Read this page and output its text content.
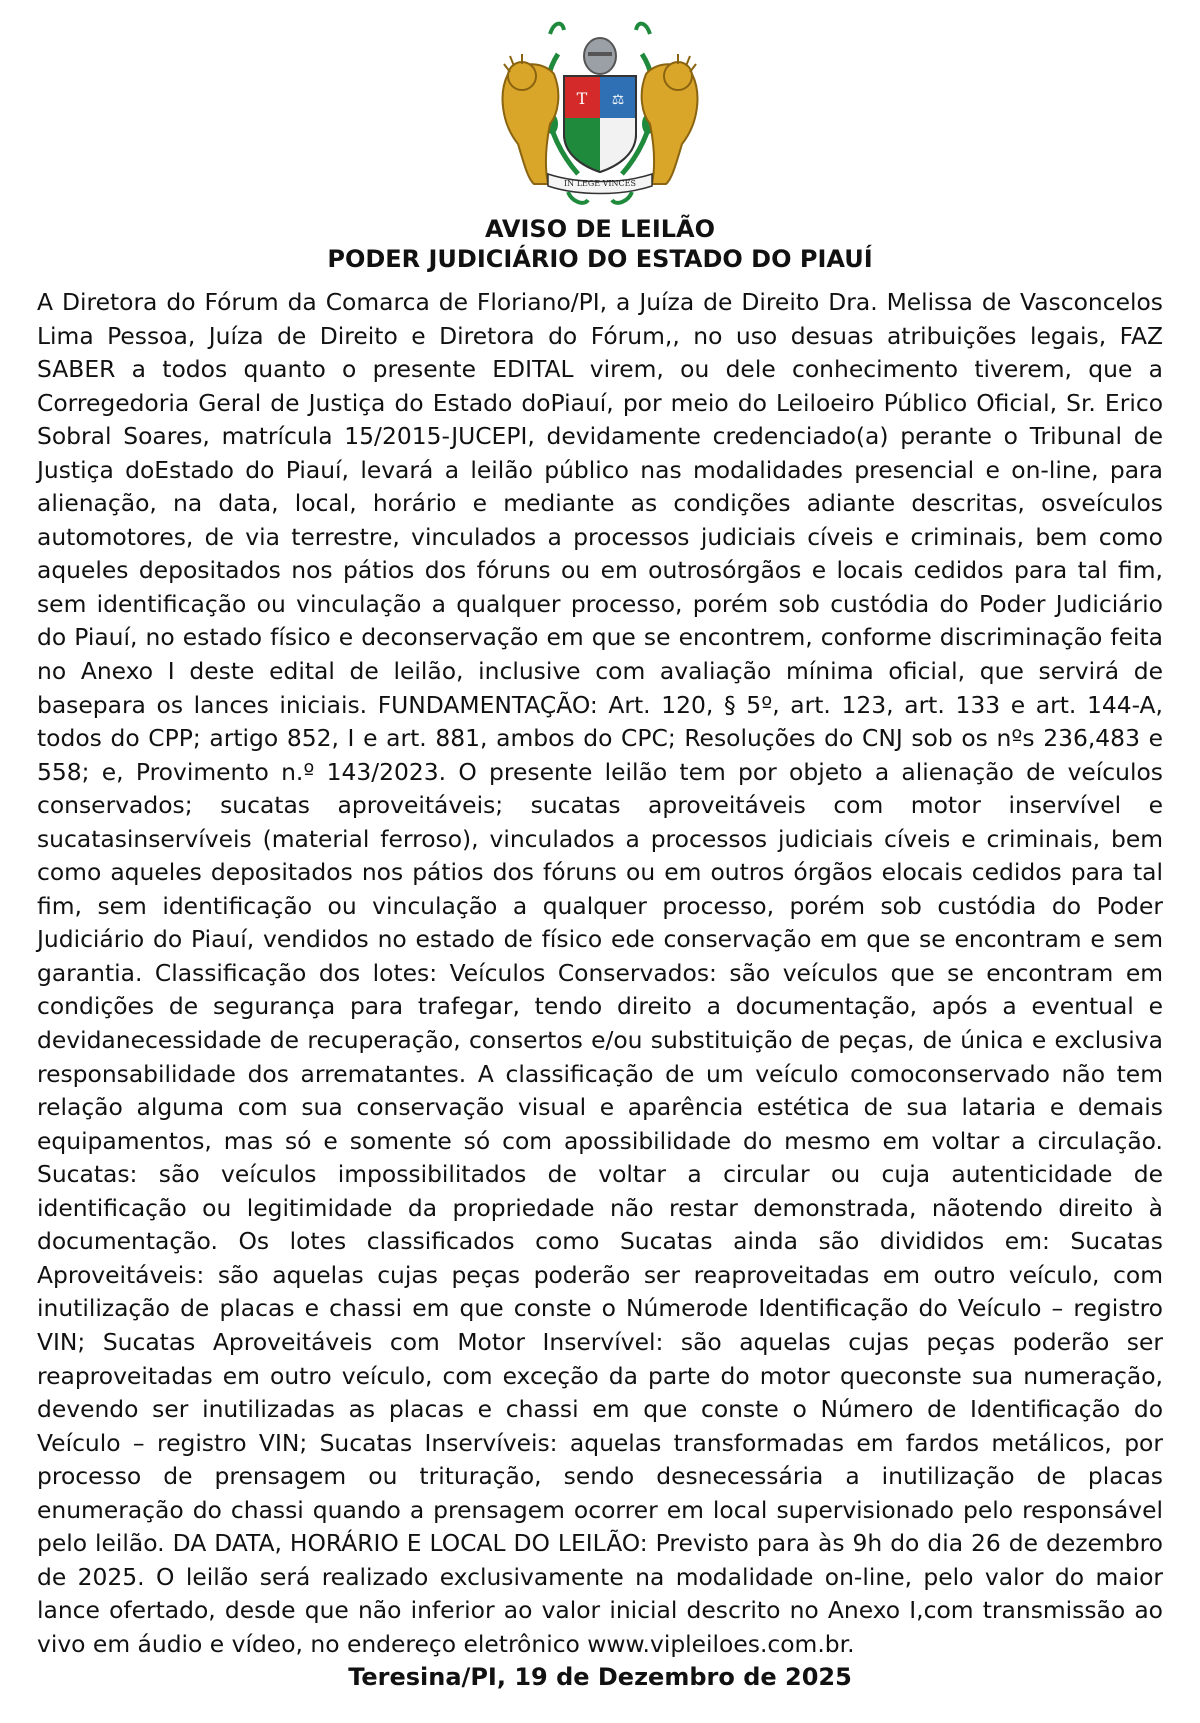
T ⚖
IN LEGE VINCES
AVISO DE LEILÃO
PODER JUDICIÁRIO DO ESTADO DO PIAUÍ

A Diretora do Fórum da Comarca de Floriano/PI, a Juíza de Direito Dra. Melissa de Vasconcelos Lima Pessoa, Juíza de Direito e Diretora do Fórum,, no uso desuas atribuições legais, FAZ SABER a todos quanto o presente EDITAL virem, ou dele conhecimento tiverem, que a Corregedoria Geral de Justiça do Estado doPiauí, por meio do Leiloeiro Público Oficial, Sr. Erico Sobral Soares, matrícula 15/2015-JUCEPI, devidamente credenciado(a) perante o Tribunal de Justiça doEstado do Piauí, levará a leilão público nas modalidades presencial e on-line, para alienação, na data, local, horário e mediante as condições adiante descritas, osveículos automotores, de via terrestre, vinculados a processos judiciais cíveis e criminais, bem como aqueles depositados nos pátios dos fóruns ou em outrosórgãos e locais cedidos para tal fim, sem identificação ou vinculação a qualquer processo, porém sob custódia do Poder Judiciário do Piauí, no estado físico e deconservação em que se encontrem, conforme discriminação feita no Anexo I deste edital de leilão, inclusive com avaliação mínima oficial, que servirá de basepara os lances iniciais. FUNDAMENTAÇÃO: Art. 120, § 5º, art. 123, art. 133 e art. 144-A, todos do CPP; artigo 852, I e art. 881, ambos do CPC; Resoluções do CNJ sob os nºs 236,483 e 558; e, Provimento n.º 143/2023. O presente leilão tem por objeto a alienação de veículos conservados; sucatas aproveitáveis; sucatas aproveitáveis com motor inservível e sucatasinservíveis (material ferroso), vinculados a processos judiciais cíveis e criminais, bem como aqueles depositados nos pátios dos fóruns ou em outros órgãos elocais cedidos para tal fim, sem identificação ou vinculação a qualquer processo, porém sob custódia do Poder Judiciário do Piauí, vendidos no estado de físico ede conservação em que se encontram e sem garantia. Classificação dos lotes: Veículos Conservados: são veículos que se encontram em condições de segurança para trafegar, tendo direito a documentação, após a eventual e devidanecessidade de recuperação, consertos e/ou substituição de peças, de única e exclusiva responsabilidade dos arrematantes. A classificação de um veículo comoconservado não tem relação alguma com sua conservação visual e aparência estética de sua lataria e demais equipamentos, mas só e somente só com apossibilidade do mesmo em voltar a circulação. Sucatas: são veículos impossibilitados de voltar a circular ou cuja autenticidade de identificação ou legitimidade da propriedade não restar demonstrada, nãotendo direito à documentação. Os lotes classificados como Sucatas ainda são divididos em: Sucatas Aproveitáveis: são aquelas cujas peças poderão ser reaproveitadas em outro veículo, com inutilização de placas e chassi em que conste o Númerode Identificação do Veículo – registro VIN; Sucatas Aproveitáveis com Motor Inservível: são aquelas cujas peças poderão ser reaproveitadas em outro veículo, com exceção da parte do motor queconste sua numeração, devendo ser inutilizadas as placas e chassi em que conste o Número de Identificação do Veículo – registro VIN; Sucatas Inservíveis: aquelas transformadas em fardos metálicos, por processo de prensagem ou trituração, sendo desnecessária a inutilização de placas enumeração do chassi quando a prensagem ocorrer em local supervisionado pelo responsável pelo leilão. DA DATA, HORÁRIO E LOCAL DO LEILÃO: Previsto para às 9h do dia 26 de dezembro de 2025. O leilão será realizado exclusivamente na modalidade on-line, pelo valor do maior lance ofertado, desde que não inferior ao valor inicial descrito no Anexo I,com transmissão ao vivo em áudio e vídeo, no endereço eletrônico www.vipleiloes.com.br.

Teresina/PI, 19 de Dezembro de 2025
